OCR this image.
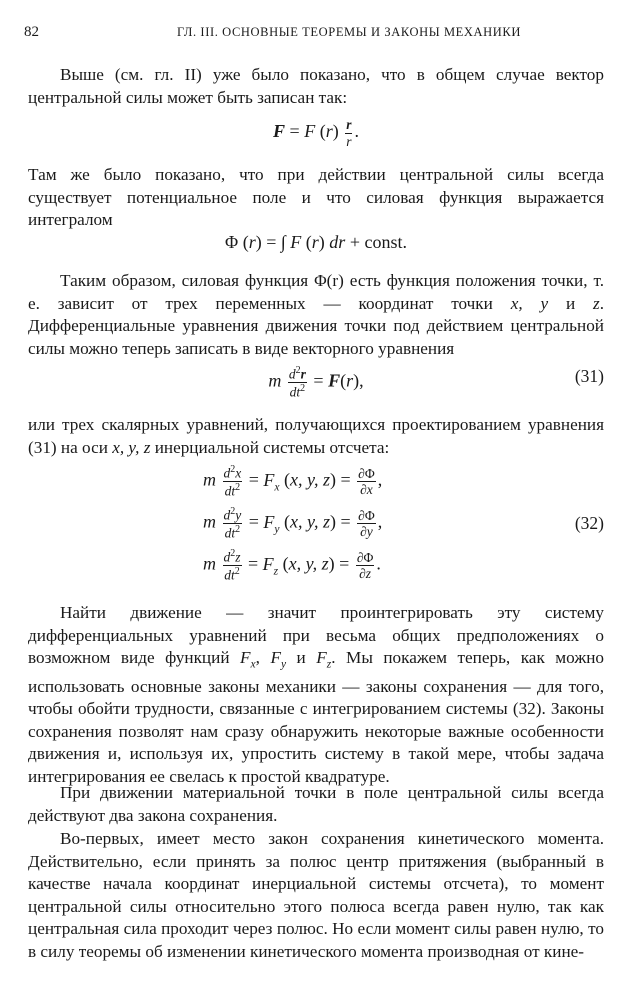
82	ГЛ. III. ОСНОВНЫЕ ТЕОРЕМЫ И ЗАКОНЫ МЕХАНИКИ

Выше (см. гл. II) уже было показано, что в общем случае вектор центральной силы может быть записан так:

F = F $(r) \frac{r}{r}$ .

Там же было показано, что при действии центральной силы всегда существует потенциальное поле и что силовая функция выражается интегралом

Φ (r) = ∫ F (r) dr + const.

Таким образом, силовая функция Φ(r) есть функция положения точки, т. е. зависит от трех переменных — координат точки x, y и z. Дифференциальные уравнения движения точки под действием центральной силы можно теперь записать в виде векторного уравнения

m $\frac{d^2r}{dt^2} = F(r)$,	(31)

или трех скалярных уравнений, получающихся проектированием уравнения (31) на оси x, y, z инерциальной системы отсчета:

m $\frac{d^2x}{dt^2} = F_x$ (x, y, $z) = \frac{\partial\Phi}{\partial x}$ ,
m $\frac{d^2y}{dt^2} = F_y$ (x, y, $z) = \frac{\partial\Phi}{\partial y}$ ,
m $\frac{d^2z}{dt^2} = F_z$ (x, y, $z) = \frac{\partial\Phi}{\partial z}$ .
(32)

Найти движение — значит проинтегрировать эту систему дифференциальных уравнений при весьма общих предположениях о возможном виде функций $F_x$, $F_y$ и $F_z$. Мы покажем теперь, как можно использовать основные законы механики — законы сохранения — для того, чтобы обойти трудности, связанные с интегрированием системы (32). Законы сохранения позволят нам сразу обнаружить некоторые важные особенности движения и, используя их, упростить систему в такой мере, чтобы задача интегрирования ее свелась к простой квадратуре.

При движении материальной точки в поле центральной силы всегда действуют два закона сохранения.

Во-первых, имеет место закон сохранения кинетического момента. Действительно, если принять за полюс центр притяжения (выбранный в качестве начала координат инерциальной системы отсчета), то момент центральной силы относительно этого полюса всегда равен нулю, так как центральная сила проходит через полюс. Но если момент силы равен нулю, то в силу теоремы об изменении кинетического момента производная от кине-
